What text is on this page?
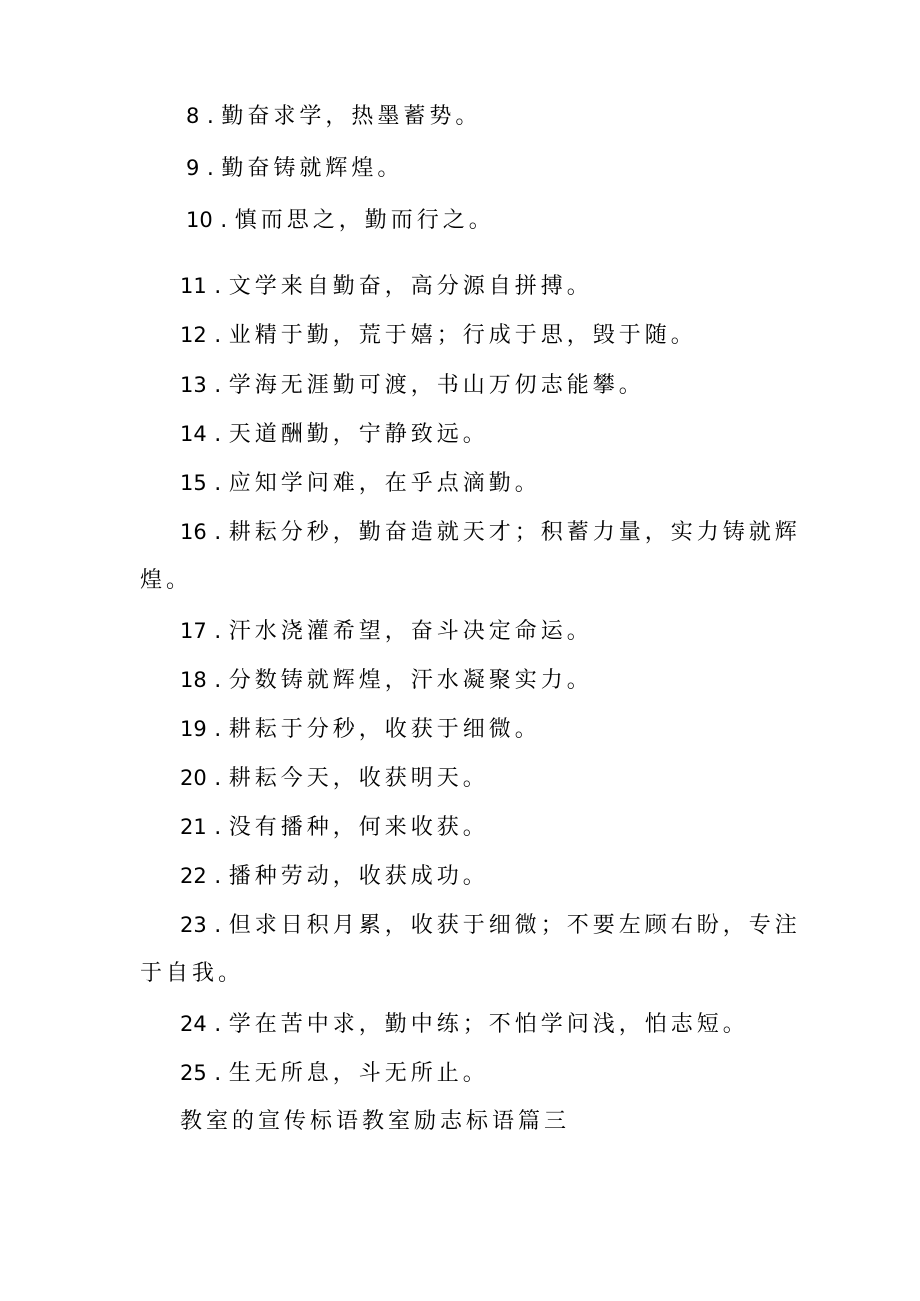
8 . 勤奋求学，热墨蓄势。
9 . 勤奋铸就辉煌。
10 . 慎而思之，勤而行之。
11 . 文学来自勤奋，高分源自拼搏。
12 . 业精于勤，荒于嬉；行成于思，毁于随。
13 . 学海无涯勤可渡，书山万仞志能攀。
14 . 天道酬勤，宁静致远。
15 . 应知学问难，在乎点滴勤。
16 . 耕耘分秒，勤奋造就天才；积蓄力量，实力铸就辉
煌。
17 . 汗水浇灌希望，奋斗决定命运。
18 . 分数铸就辉煌，汗水凝聚实力。
19 . 耕耘于分秒，收获于细微。
20 . 耕耘今天，收获明天。
21 . 没有播种，何来收获。
22 . 播种劳动，收获成功。
23 . 但求日积月累，收获于细微；不要左顾右盼，专注
于自我。
24 . 学在苦中求，勤中练；不怕学问浅，怕志短。
25 . 生无所息，斗无所止。
教室的宣传标语教室励志标语篇三
